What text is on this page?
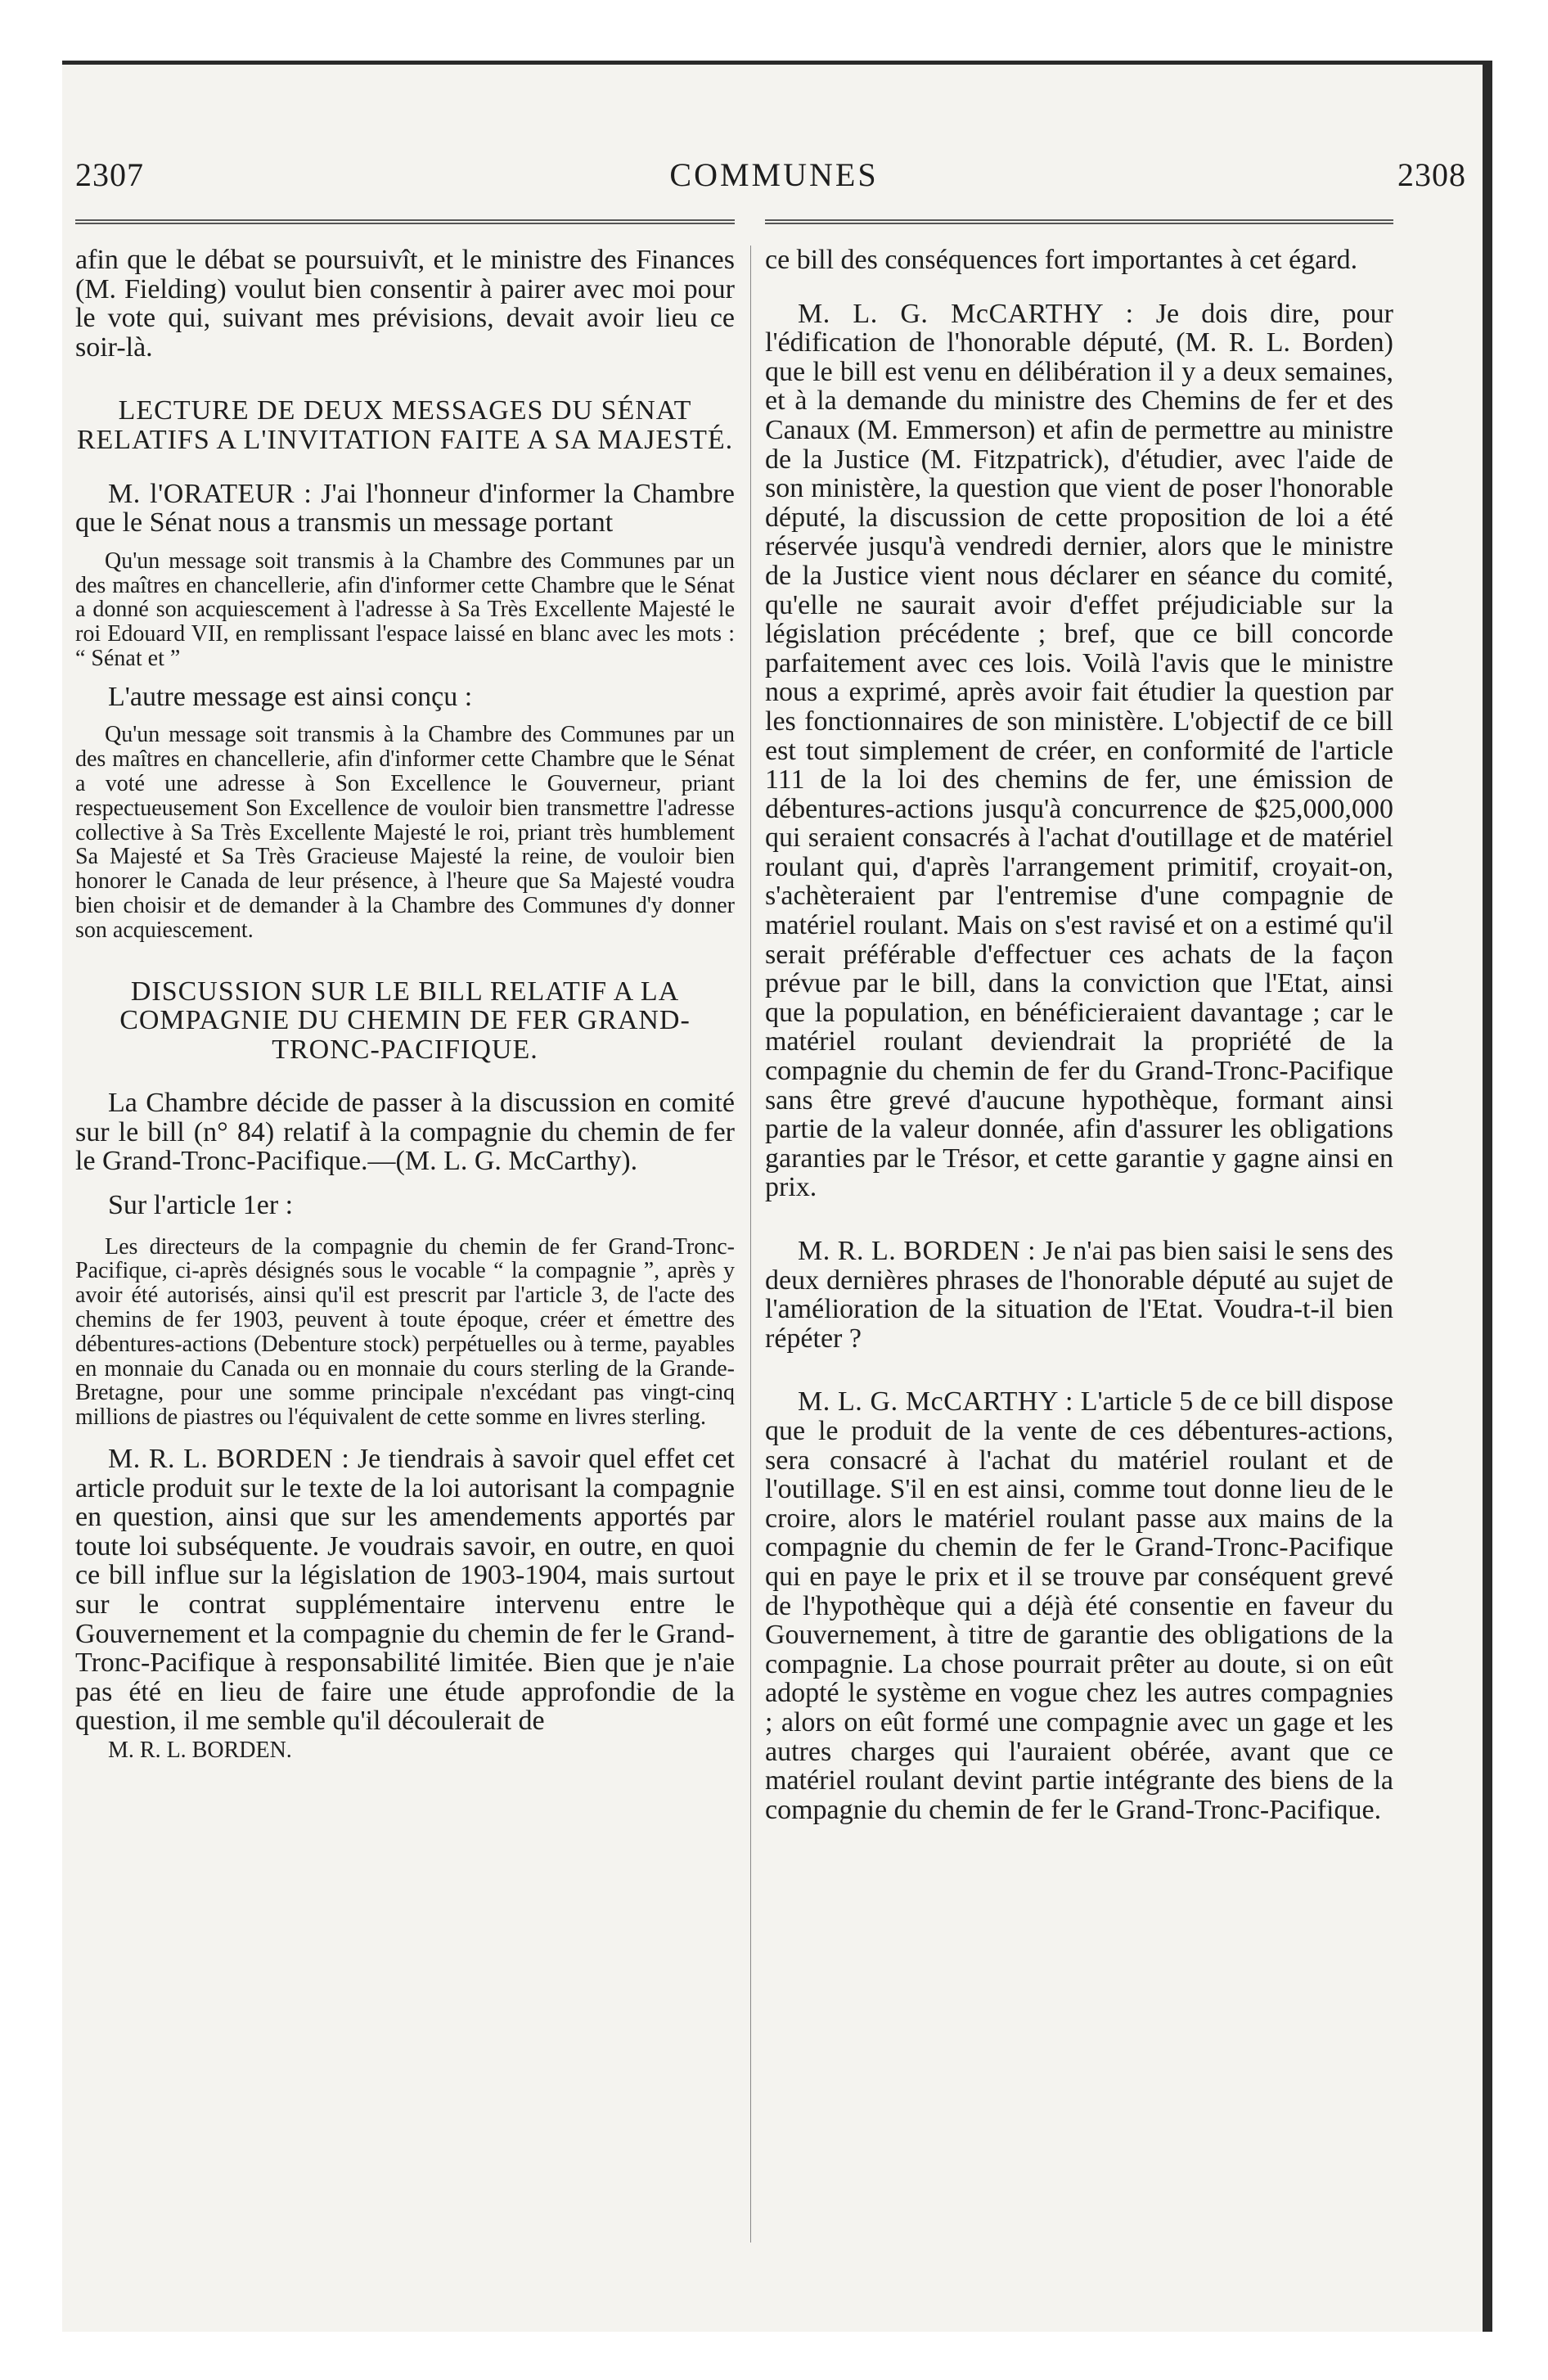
2307	COMMUNES	2308

afin que le débat se poursuivît, et le ministre des Finances (M. Fielding) voulut bien consentir à pairer avec moi pour le vote qui, suivant mes prévisions, devait avoir lieu ce soir-là.

LECTURE DE DEUX MESSAGES DU SÉNAT RELATIFS A L'INVITATION FAITE A SA MAJESTÉ.

M. l'ORATEUR : J'ai l'honneur d'informer la Chambre que le Sénat nous a transmis un message portant

Qu'un message soit transmis à la Chambre des Communes par un des maîtres en chancellerie, afin d'informer cette Chambre que le Sénat a donné son acquiescement à l'adresse à Sa Très Excellente Majesté le roi Edouard VII, en remplissant l'espace laissé en blanc avec les mots : “ Sénat et ”

L'autre message est ainsi conçu :

Qu'un message soit transmis à la Chambre des Communes par un des maîtres en chancellerie, afin d'informer cette Chambre que le Sénat a voté une adresse à Son Excellence le Gouverneur, priant respectueusement Son Excellence de vouloir bien transmettre l'adresse collective à Sa Très Excellente Majesté le roi, priant très humblement Sa Majesté et Sa Très Gracieuse Majesté la reine, de vouloir bien honorer le Canada de leur présence, à l'heure que Sa Majesté voudra bien choisir et de demander à la Chambre des Communes d'y donner son acquiescement.

DISCUSSION SUR LE BILL RELATIF A LA COMPAGNIE DU CHEMIN DE FER GRAND-TRONC-PACIFIQUE.

La Chambre décide de passer à la discussion en comité sur le bill (n° 84) relatif à la compagnie du chemin de fer le Grand-Tronc-Pacifique.—(M. L. G. McCarthy).

Sur l'article 1er :

Les directeurs de la compagnie du chemin de fer Grand-Tronc-Pacifique, ci-après désignés sous le vocable “ la compagnie ”, après y avoir été autorisés, ainsi qu'il est prescrit par l'article 3, de l'acte des chemins de fer 1903, peuvent à toute époque, créer et émettre des débentures-actions (Debenture stock) perpétuelles ou à terme, payables en monnaie du Canada ou en monnaie du cours sterling de la Grande-Bretagne, pour une somme principale n'excédant pas vingt-cinq millions de piastres ou l'équivalent de cette somme en livres sterling.

M. R. L. BORDEN : Je tiendrais à savoir quel effet cet article produit sur le texte de la loi autorisant la compagnie en question, ainsi que sur les amendements apportés par toute loi subséquente. Je voudrais savoir, en outre, en quoi ce bill influe sur la législation de 1903-1904, mais surtout sur le contrat supplémentaire intervenu entre le Gouvernement et la compagnie du chemin de fer le Grand-Tronc-Pacifique à responsabilité limitée. Bien que je n'aie pas été en lieu de faire une étude approfondie de la question, il me semble qu'il découlerait de

M. R. L. BORDEN.

ce bill des conséquences fort importantes à cet égard.

M. L. G. McCARTHY : Je dois dire, pour l'édification de l'honorable député, (M. R. L. Borden) que le bill est venu en délibération il y a deux semaines, et à la demande du ministre des Chemins de fer et des Canaux (M. Emmerson) et afin de permettre au ministre de la Justice (M. Fitzpatrick), d'étudier, avec l'aide de son ministère, la question que vient de poser l'honorable député, la discussion de cette proposition de loi a été réservée jusqu'à vendredi dernier, alors que le ministre de la Justice vient nous déclarer en séance du comité, qu'elle ne saurait avoir d'effet préjudiciable sur la législation précédente ; bref, que ce bill concorde parfaitement avec ces lois. Voilà l'avis que le ministre nous a exprimé, après avoir fait étudier la question par les fonctionnaires de son ministère. L'objectif de ce bill est tout simplement de créer, en conformité de l'article 111 de la loi des chemins de fer, une émission de débentures-actions jusqu'à concurrence de $25,000,000 qui seraient consacrés à l'achat d'outillage et de matériel roulant qui, d'après l'arrangement primitif, croyait-on, s'achèteraient par l'entremise d'une compagnie de matériel roulant. Mais on s'est ravisé et on a estimé qu'il serait préférable d'effectuer ces achats de la façon prévue par le bill, dans la conviction que l'Etat, ainsi que la population, en bénéficieraient davantage ; car le matériel roulant deviendrait la propriété de la compagnie du chemin de fer du Grand-Tronc-Pacifique sans être grevé d'aucune hypothèque, formant ainsi partie de la valeur donnée, afin d'assurer les obligations garanties par le Trésor, et cette garantie y gagne ainsi en prix.

M. R. L. BORDEN : Je n'ai pas bien saisi le sens des deux dernières phrases de l'honorable député au sujet de l'amélioration de la situation de l'Etat. Voudra-t-il bien répéter ?

M. L. G. McCARTHY : L'article 5 de ce bill dispose que le produit de la vente de ces débentures-actions, sera consacré à l'achat du matériel roulant et de l'outillage. S'il en est ainsi, comme tout donne lieu de le croire, alors le matériel roulant passe aux mains de la compagnie du chemin de fer le Grand-Tronc-Pacifique qui en paye le prix et il se trouve par conséquent grevé de l'hypothèque qui a déjà été consentie en faveur du Gouvernement, à titre de garantie des obligations de la compagnie. La chose pourrait prêter au doute, si on eût adopté le système en vogue chez les autres compagnies ; alors on eût formé une compagnie avec un gage et les autres charges qui l'auraient obérée, avant que ce matériel roulant devint partie intégrante des biens de la compagnie du chemin de fer le Grand-Tronc-Pacifique.
